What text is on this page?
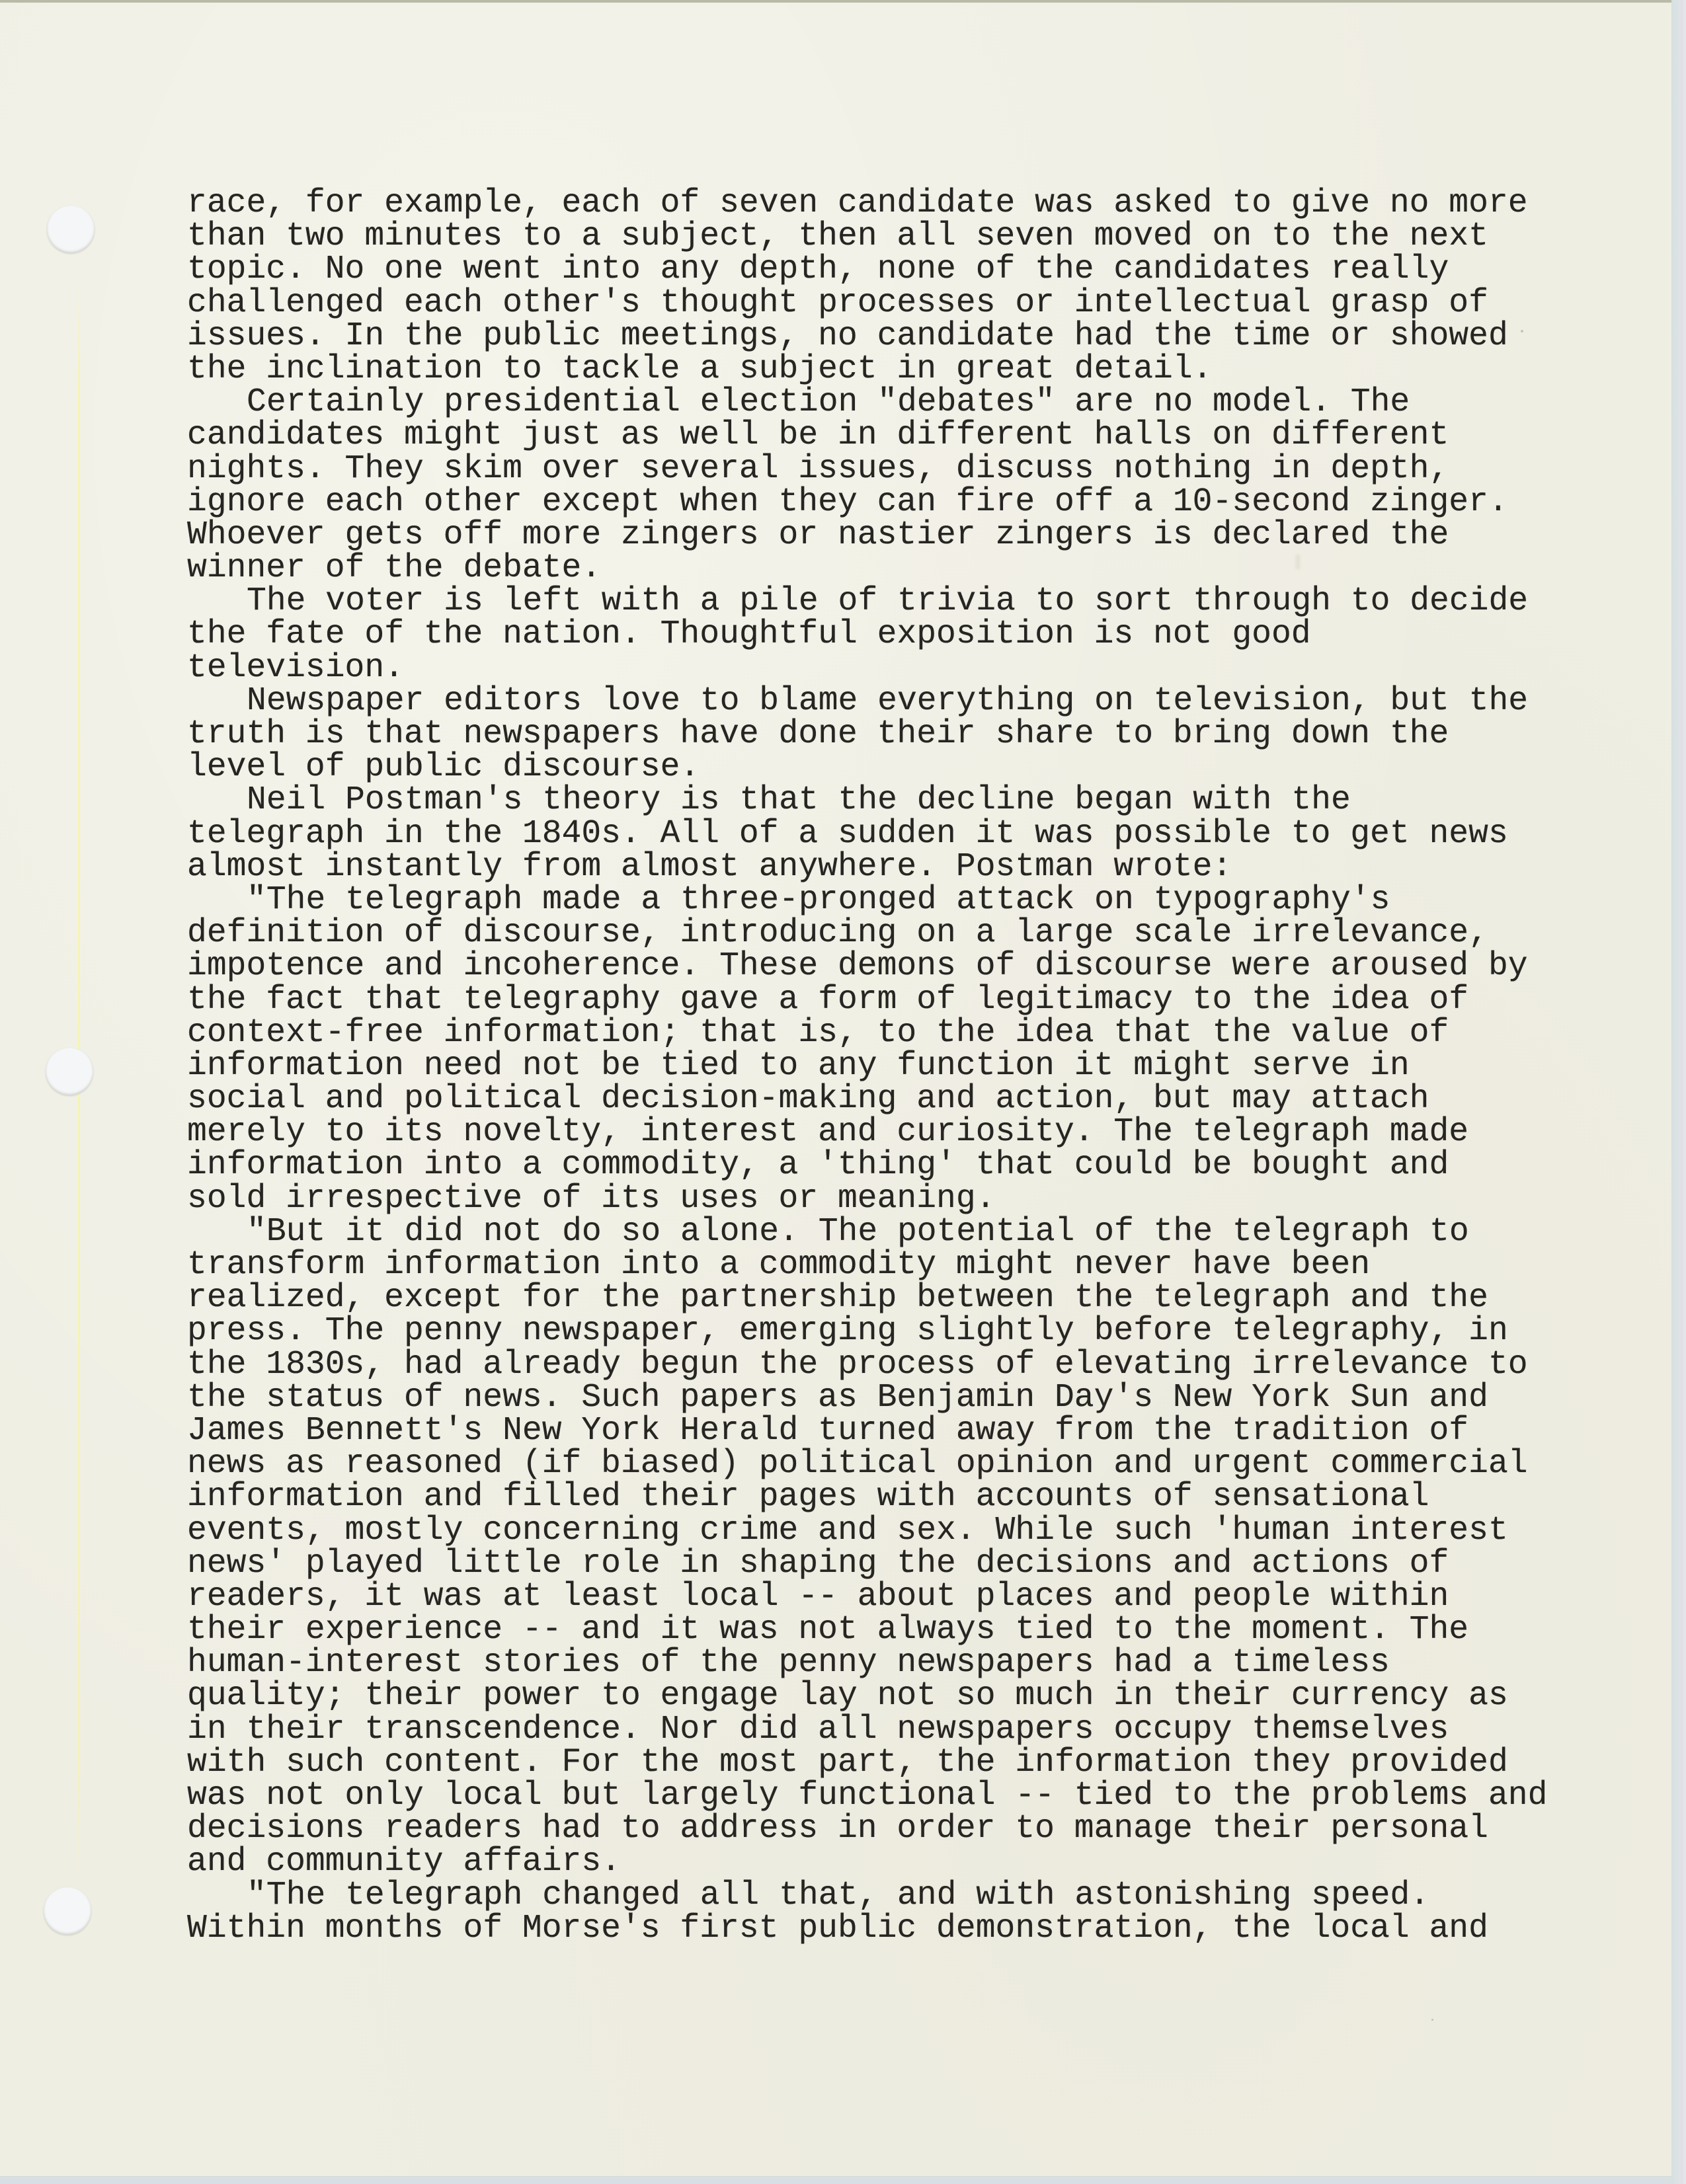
race, for example, each of seven candidate was asked to give no more
than two minutes to a subject, then all seven moved on to the next
topic. No one went into any depth, none of the candidates really
challenged each other's thought processes or intellectual grasp of
issues. In the public meetings, no candidate had the time or showed
the inclination to tackle a subject in great detail.
Certainly presidential election "debates" are no model. The
candidates might just as well be in different halls on different
nights. They skim over several issues, discuss nothing in depth,
ignore each other except when they can fire off a 10-second zinger.
Whoever gets off more zingers or nastier zingers is declared the
winner of the debate.
The voter is left with a pile of trivia to sort through to decide
the fate of the nation. Thoughtful exposition is not good
television.
Newspaper editors love to blame everything on television, but the
truth is that newspapers have done their share to bring down the
level of public discourse.
Neil Postman's theory is that the decline began with the
telegraph in the 1840s. All of a sudden it was possible to get news
almost instantly from almost anywhere. Postman wrote:
"The telegraph made a three-pronged attack on typography's
definition of discourse, introducing on a large scale irrelevance,
impotence and incoherence. These demons of discourse were aroused by
the fact that telegraphy gave a form of legitimacy to the idea of
context-free information; that is, to the idea that the value of
information need not be tied to any function it might serve in
social and political decision-making and action, but may attach
merely to its novelty, interest and curiosity. The telegraph made
information into a commodity, a 'thing' that could be bought and
sold irrespective of its uses or meaning.
"But it did not do so alone. The potential of the telegraph to
transform information into a commodity might never have been
realized, except for the partnership between the telegraph and the
press. The penny newspaper, emerging slightly before telegraphy, in
the 1830s, had already begun the process of elevating irrelevance to
the status of news. Such papers as Benjamin Day's New York Sun and
James Bennett's New York Herald turned away from the tradition of
news as reasoned (if biased) political opinion and urgent commercial
information and filled their pages with accounts of sensational
events, mostly concerning crime and sex. While such 'human interest
news' played little role in shaping the decisions and actions of
readers, it was at least local -- about places and people within
their experience -- and it was not always tied to the moment. The
human-interest stories of the penny newspapers had a timeless
quality; their power to engage lay not so much in their currency as
in their transcendence. Nor did all newspapers occupy themselves
with such content. For the most part, the information they provided
was not only local but largely functional -- tied to the problems and
decisions readers had to address in order to manage their personal
and community affairs.
"The telegraph changed all that, and with astonishing speed.
Within months of Morse's first public demonstration, the local and
